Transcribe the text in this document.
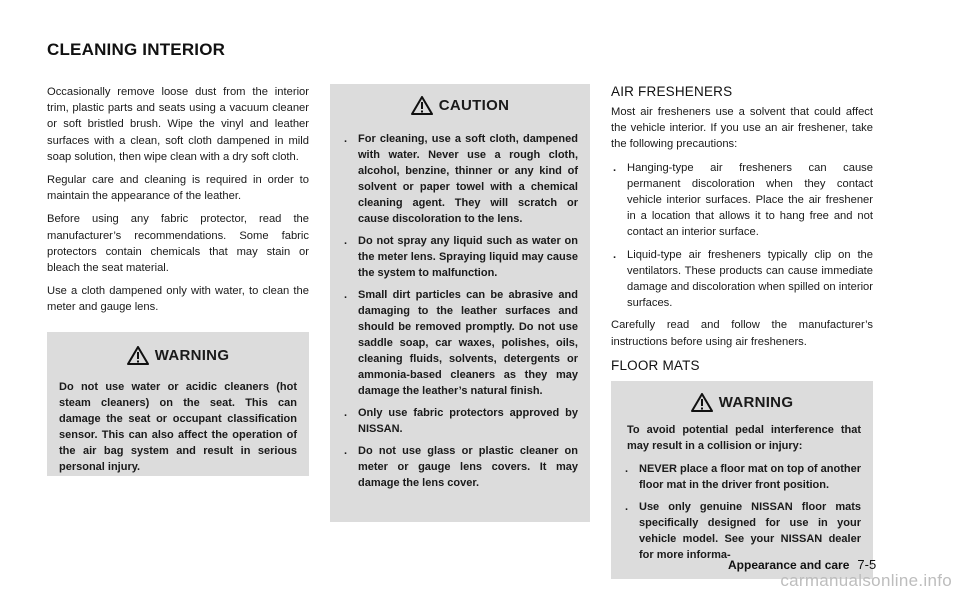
CLEANING INTERIOR

Occasionally remove loose dust from the interior trim, plastic parts and seats using a vacuum cleaner or soft bristled brush. Wipe the vinyl and leather surfaces with a clean, soft cloth dampened in mild soap solution, then wipe clean with a dry soft cloth.

Regular care and cleaning is required in order to maintain the appearance of the leather.

Before using any fabric protector, read the manufacturer’s recommendations. Some fabric protectors contain chemicals that may stain or bleach the seat material.

Use a cloth dampened only with water, to clean the meter and gauge lens.

WARNING

Do not use water or acidic cleaners (hot steam cleaners) on the seat. This can damage the seat or occupant classification sensor. This can also affect the operation of the air bag system and result in serious personal injury.

CAUTION
. For cleaning, use a soft cloth, dampened with water. Never use a rough cloth, alcohol, benzine, thinner or any kind of solvent or paper towel with a chemical cleaning agent. They will scratch or cause discoloration to the lens.
. Do not spray any liquid such as water on the meter lens. Spraying liquid may cause the system to malfunction.
. Small dirt particles can be abrasive and damaging to the leather surfaces and should be removed promptly. Do not use saddle soap, car waxes, polishes, oils, cleaning fluids, solvents, detergents or ammonia-based cleaners as they may damage the leather’s natural finish.
. Only use fabric protectors approved by NISSAN.
. Do not use glass or plastic cleaner on meter or gauge lens covers. It may damage the lens cover.
AIR FRESHENERS

Most air fresheners use a solvent that could affect the vehicle interior. If you use an air freshener, take the following precautions:

. Hanging-type air fresheners can cause permanent discoloration when they contact vehicle interior surfaces. Place the air freshener in a location that allows it to hang free and not contact an interior surface.
. Liquid-type air fresheners typically clip on the ventilators. These products can cause immediate damage and discoloration when spilled on interior surfaces.

Carefully read and follow the manufacturer’s instructions before using air fresheners.

FLOOR MATS
WARNING

To avoid potential pedal interference that may result in a collision or injury:

. NEVER place a floor mat on top of another floor mat in the driver front position.
. Use only genuine NISSAN floor mats specifically designed for use in your vehicle model. See your NISSAN dealer for more informa-
Appearance and care 7-5
carmanualsonline.info
